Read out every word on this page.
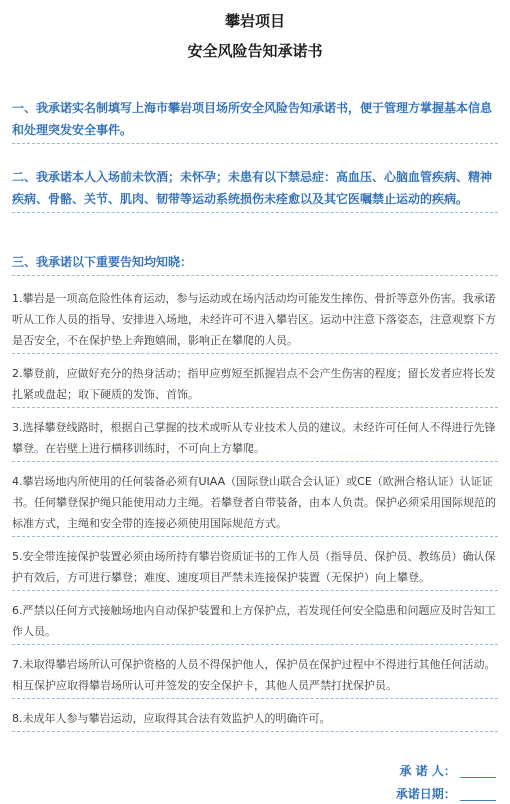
攀岩项目
安全风险告知承诺书
一、我承诺实名制填写上海市攀岩项目场所安全风险告知承诺书，便于管理方掌握基本信息和处理突发安全事件。
二、我承诺本人入场前未饮酒；未怀孕；未患有以下禁忌症：高血压、心脑血管疾病、精神疾病、骨骼、关节、肌肉、韧带等运动系统损伤未痊愈以及其它医嘱禁止运动的疾病。
三、我承诺以下重要告知均知晓：
1.攀岩是一项高危险性体育运动，参与运动或在场内活动均可能发生摔伤、骨折等意外伤害。我承诺听从工作人员的指导、安排进入场地，未经许可不进入攀岩区。运动中注意下落姿态，注意观察下方是否安全，不在保护垫上奔跑嬉闹，影响正在攀爬的人员。
2.攀登前，应做好充分的热身活动；指甲应剪短至抓握岩点不会产生伤害的程度；留长发者应将长发扎紧或盘起；取下硬质的发饰、首饰。
3.选择攀登线路时，根据自己掌握的技术或听从专业技术人员的建议。未经许可任何人不得进行先锋攀登。在岩壁上进行横移训练时，不可向上方攀爬。
4.攀岩场地内所使用的任何装备必须有UIAA（国际登山联合会认证）或CE（欧洲合格认证）认证证书。任何攀登保护绳只能使用动力主绳。若攀登者自带装备，由本人负责。保护必须采用国际规范的标准方式，主绳和安全带的连接必须使用国际规范方式。
5.安全带连接保护装置必须由场所持有攀岩资质证书的工作人员（指导员、保护员、教练员）确认保护有效后，方可进行攀登；难度、速度项目严禁未连接保护装置（无保护）向上攀登。
6.严禁以任何方式接触场地内自动保护装置和上方保护点，若发现任何安全隐患和问题应及时告知工作人员。
7.未取得攀岩场所认可保护资格的人员不得保护他人，保护员在保护过程中不得进行其他任何活动。相互保护应取得攀岩场所认可并签发的安全保护卡，其他人员严禁打扰保护员。
8.未成年人参与攀岩运动，应取得其合法有效监护人的明确许可。
承 诺 人： ______
承诺日期： ______
